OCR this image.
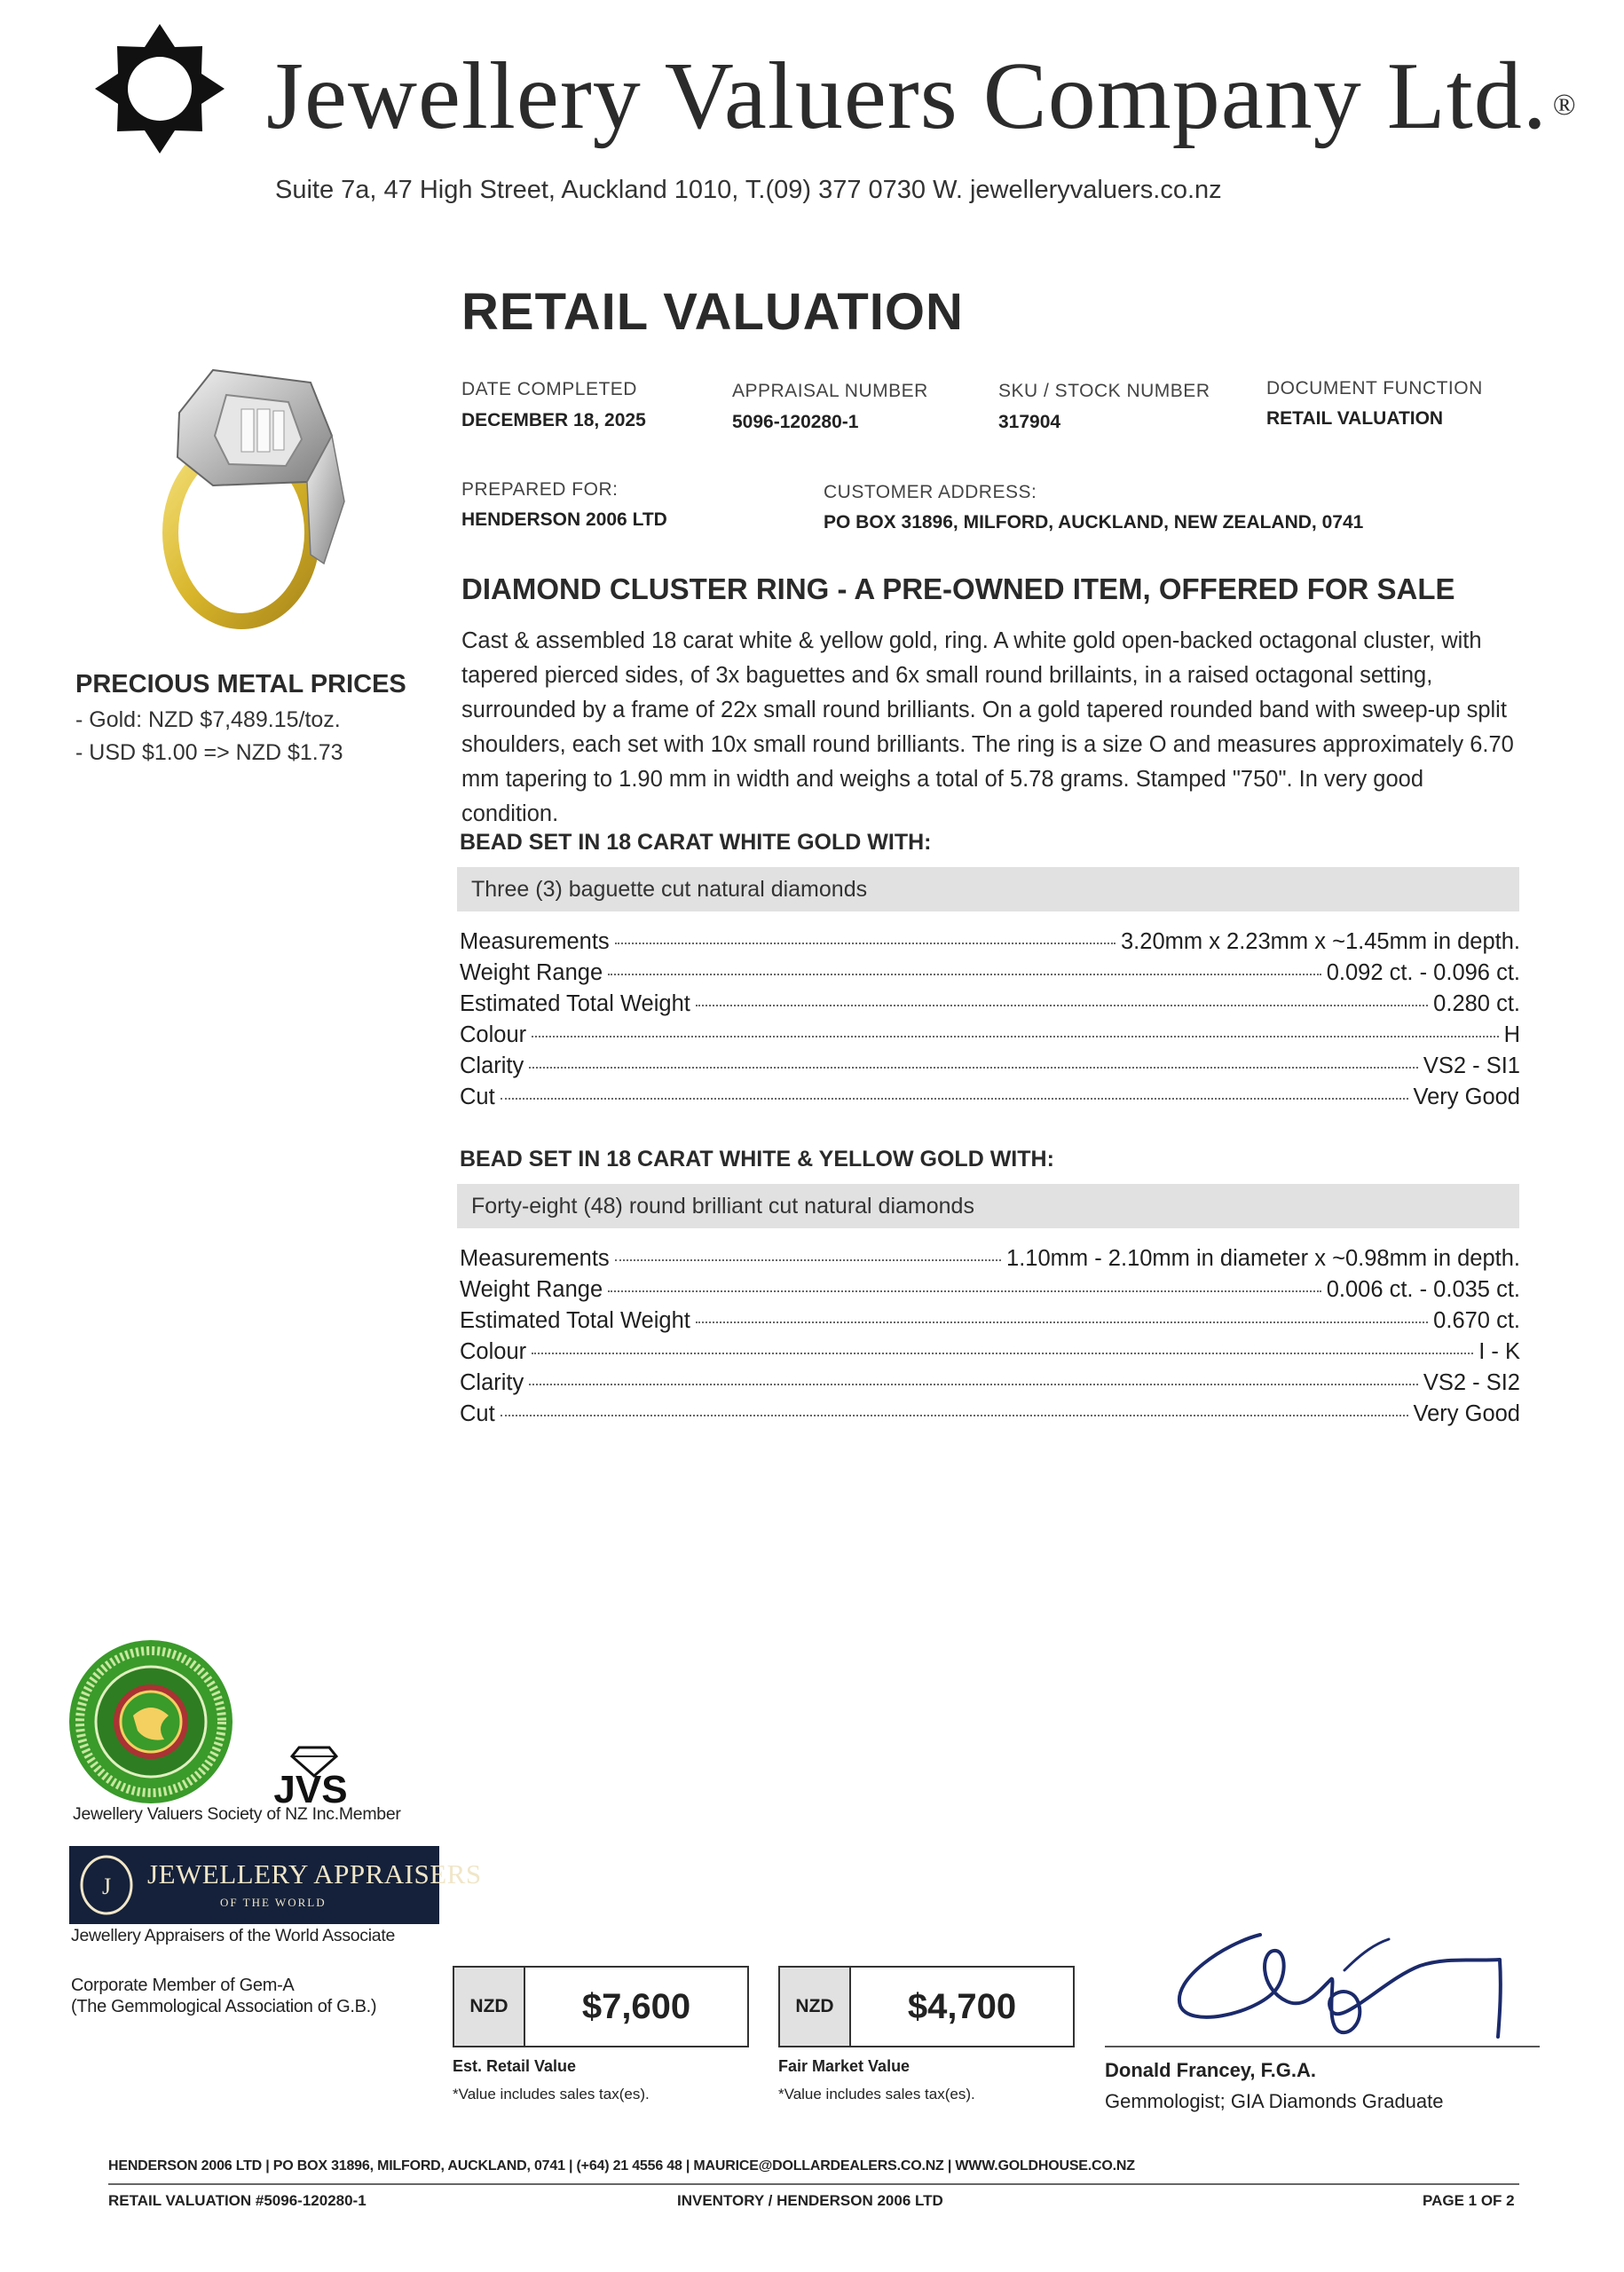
Jewellery Valuers Company Ltd. ®
Suite 7a, 47 High Street, Auckland 1010, T.(09) 377 0730 W. jewelleryvaluers.co.nz
RETAIL VALUATION
DATE COMPLETED
DECEMBER 18, 2025
APPRAISAL NUMBER
5096-120280-1
SKU / STOCK NUMBER
317904
DOCUMENT FUNCTION
RETAIL VALUATION
PREPARED FOR:
HENDERSON 2006 LTD
CUSTOMER ADDRESS:
PO BOX 31896, MILFORD, AUCKLAND, NEW ZEALAND, 0741
PRECIOUS METAL PRICES
- Gold: NZD $7,489.15/toz.
- USD $1.00 => NZD $1.73
DIAMOND CLUSTER RING - A PRE-OWNED ITEM, OFFERED FOR SALE
Cast & assembled 18 carat white & yellow gold, ring. A white gold open-backed octagonal cluster, with tapered pierced sides, of 3x baguettes and 6x small round brillaints, in a raised octagonal setting, surrounded by a frame of 22x small round brilliants. On a gold tapered rounded band with sweep-up split shoulders, each set with 10x small round brilliants. The ring is a size O and measures approximately 6.70 mm tapering to 1.90 mm in width and weighs a total of 5.78 grams. Stamped "750". In very good condition.
BEAD SET IN 18 CARAT WHITE GOLD WITH:
Three (3) baguette cut natural diamonds
Measurements	3.20mm x 2.23mm x ~1.45mm in depth.
Weight Range	0.092 ct. - 0.096 ct.
Estimated Total Weight	0.280 ct.
Colour	H
Clarity	VS2 - SI1
Cut	Very Good
BEAD SET IN 18 CARAT WHITE & YELLOW GOLD WITH:
Forty-eight (48) round brilliant cut natural diamonds
Measurements	1.10mm - 2.10mm in diameter x ~0.98mm in depth.
Weight Range	0.006 ct. - 0.035 ct.
Estimated Total Weight	0.670 ct.
Colour	I - K
Clarity	VS2 - SI2
Cut	Very Good
JVS
Jewellery Valuers Society of NZ Inc.Member
J JEWELLERY APPRAISERS
OF THE WORLD
Jewellery Appraisers of the World Associate
Corporate Member of Gem-A
(The Gemmological Association of G.B.)	NZD	$7,600
Est. Retail Value
*Value includes sales tax(es).
NZD	$4,700
Fair Market Value
*Value includes sales tax(es).
Donald Francey, F.G.A.
Gemmologist; GIA Diamonds Graduate
HENDERSON 2006 LTD | PO BOX 31896, MILFORD, AUCKLAND, 0741 | (+64) 21 4556 48 | MAURICE@DOLLARDEALERS.CO.NZ | WWW.GOLDHOUSE.CO.NZ
RETAIL VALUATION #5096-120280-1	INVENTORY / HENDERSON 2006 LTD	PAGE 1 OF 2
